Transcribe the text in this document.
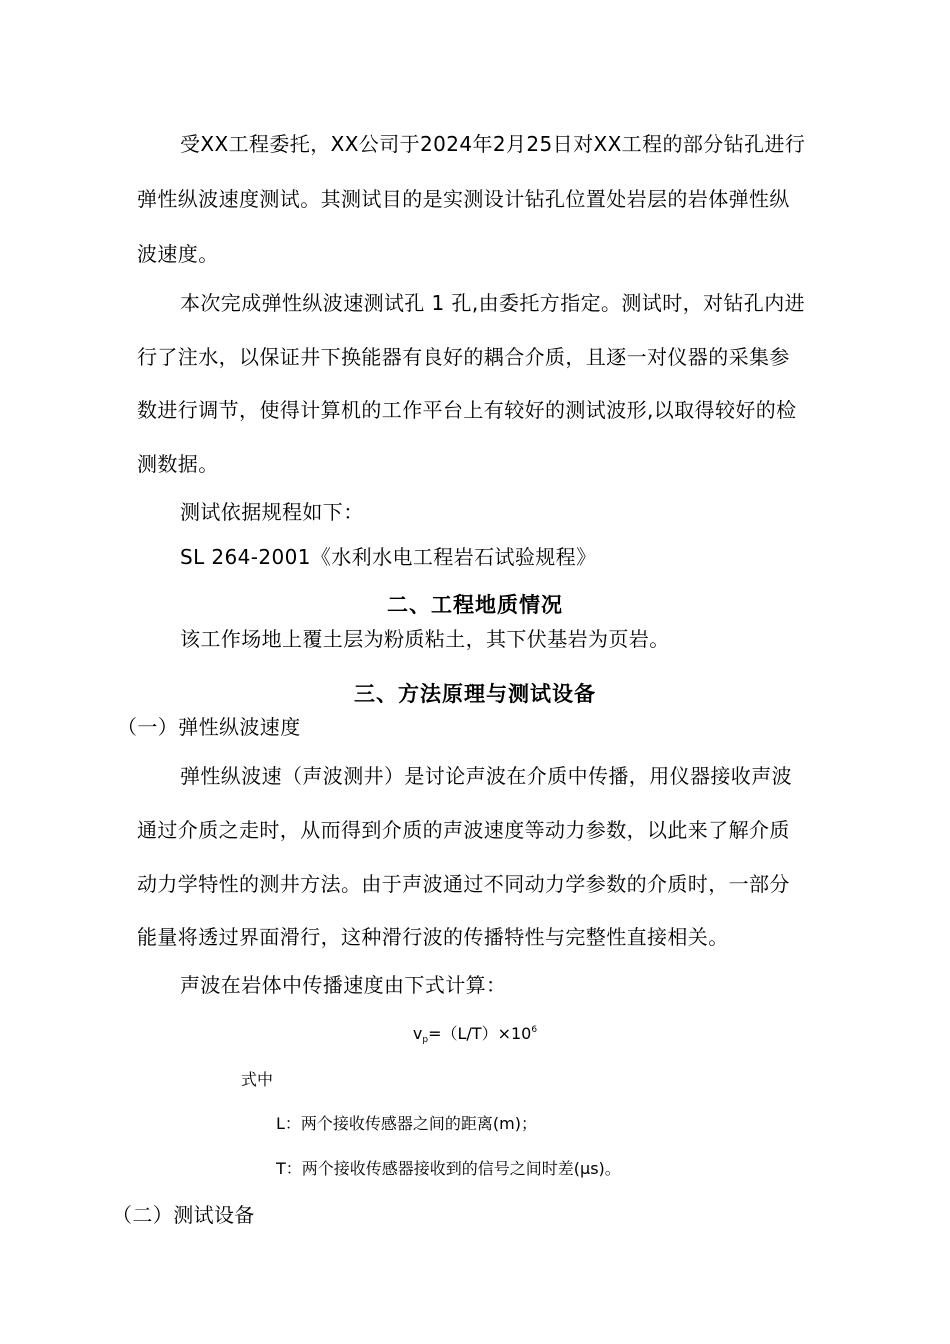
受XX工程委托，XX公司于2024年2月25日对XX工程的部分钻孔进行
弹性纵波速度测试。其测试目的是实测设计钻孔位置处岩层的岩体弹性纵
波速度。
本次完成弹性纵波速测试孔 1 孔,由委托方指定。测试时，对钻孔内进
行了注水，以保证井下换能器有良好的耦合介质，且逐一对仪器的采集参
数进行调节，使得计算机的工作平台上有较好的测试波形,以取得较好的检
测数据。
测试依据规程如下：
SL 264-2001《水利水电工程岩石试验规程》
二、工程地质情况
该工作场地上覆土层为粉质粘土，其下伏基岩为页岩。
三、方法原理与测试设备
（一）弹性纵波速度
弹性纵波速（声波测井）是讨论声波在介质中传播，用仪器接收声波
通过介质之走时，从而得到介质的声波速度等动力参数，以此来了解介质
动力学特性的测井方法。由于声波通过不同动力学参数的介质时，一部分
能量将透过界面滑行，这种滑行波的传播特性与完整性直接相关。
声波在岩体中传播速度由下式计算：
$v_p=(L/T)\times 10^6$
式中
L：两个接收传感器之间的距离(m)；
T：两个接收传感器接收到的信号之间时差(μs)。
（二）测试设备
